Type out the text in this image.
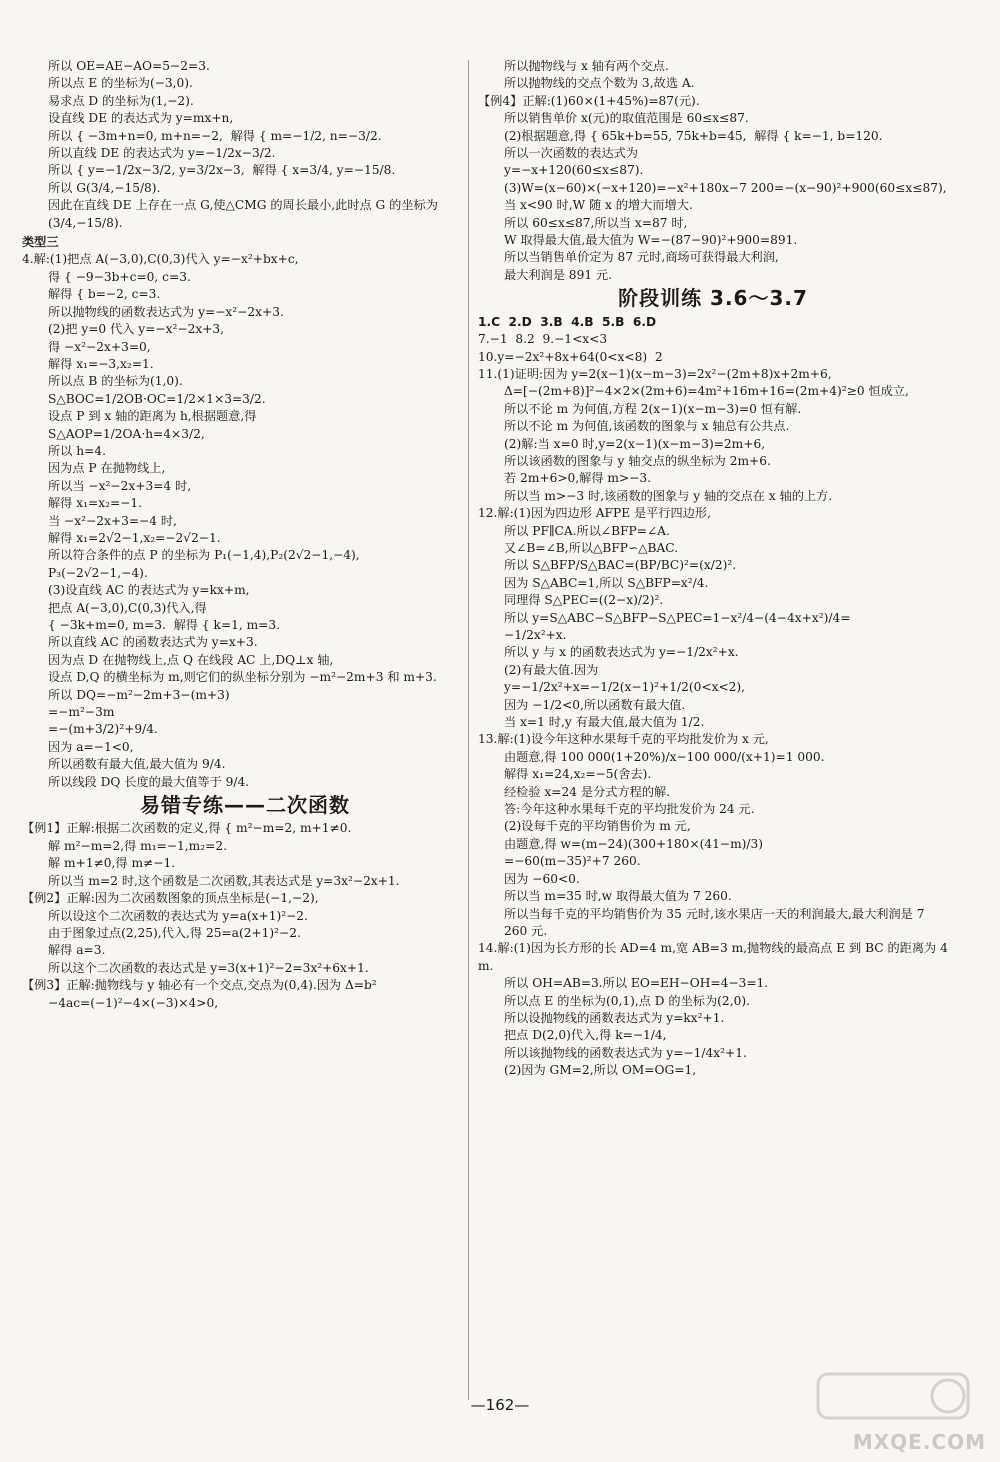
所以 OE=AE−AO=5−2=3.
所以点 E 的坐标为(−3,0).
易求点 D 的坐标为(1,−2).
设直线 DE 的表达式为 y=mx+n,
所以 { −3m+n=0, m+n=−2,  解得 { m=−1/2, n=−3/2.
所以直线 DE 的表达式为 y=−1/2x−3/2.
所以 { y=−1/2x−3/2, y=3/2x−3,  解得 { x=3/4, y=−15/8.
所以 G(3/4,−15/8).
因此在直线 DE 上存在一点 G,使△CMG 的周长最小,此时点 G 的坐标为(3/4,−15/8).
类型三
4.解:(1)把点 A(−3,0),C(0,3)代入 y=−x²+bx+c,
得 { −9−3b+c=0, c=3.
解得 { b=−2, c=3.
所以抛物线的函数表达式为 y=−x²−2x+3.
(2)把 y=0 代入 y=−x²−2x+3,
得 −x²−2x+3=0,
解得 x₁=−3,x₂=1.
所以点 B 的坐标为(1,0).
S△BOC=1/2OB·OC=1/2×1×3=3/2.
设点 P 到 x 轴的距离为 h,根据题意,得
S△AOP=1/2OA·h=4×3/2,
所以 h=4.
因为点 P 在抛物线上,
所以当 −x²−2x+3=4 时,
解得 x₁=x₂=−1.
当 −x²−2x+3=−4 时,
解得 x₁=2√2−1,x₂=−2√2−1.
所以符合条件的点 P 的坐标为 P₁(−1,4),P₂(2√2−1,−4),
P₃(−2√2−1,−4).
(3)设直线 AC 的表达式为 y=kx+m,
把点 A(−3,0),C(0,3)代入,得
{ −3k+m=0, m=3.  解得 { k=1, m=3.
所以直线 AC 的函数表达式为 y=x+3.
因为点 D 在抛物线上,点 Q 在线段 AC 上,DQ⊥x 轴,
设点 D,Q 的横坐标为 m,则它们的纵坐标分别为 −m²−2m+3 和 m+3.
所以 DQ=−m²−2m+3−(m+3)
=−m²−3m
=−(m+3/2)²+9/4.
因为 a=−1<0,
所以函数有最大值,最大值为 9/4.
所以线段 DQ 长度的最大值等于 9/4.
易错专练——二次函数
【例1】正解:根据二次函数的定义,得 { m²−m=2, m+1≠0.
解 m²−m=2,得 m₁=−1,m₂=2.
解 m+1≠0,得 m≠−1.
所以当 m=2 时,这个函数是二次函数,其表达式是 y=3x²−2x+1.
【例2】正解:因为二次函数图象的顶点坐标是(−1,−2),
所以设这个二次函数的表达式为 y=a(x+1)²−2.
由于图象过点(2,25),代入,得 25=a(2+1)²−2.
解得 a=3.
所以这个二次函数的表达式是 y=3(x+1)²−2=3x²+6x+1.
【例3】正解:抛物线与 y 轴必有一个交点,交点为(0,4).因为 Δ=b²
−4ac=(−1)²−4×(−3)×4>0,
所以抛物线与 x 轴有两个交点.
所以抛物线的交点个数为 3,故选 A.
【例4】正解:(1)60×(1+45%)=87(元).
所以销售单价 x(元)的取值范围是 60≤x≤87.
(2)根据题意,得 { 65k+b=55, 75k+b=45,  解得 { k=−1, b=120.
所以一次函数的表达式为
y=−x+120(60≤x≤87).
(3)W=(x−60)×(−x+120)=−x²+180x−7 200=−(x−90)²+900(60≤x≤87),
当 x<90 时,W 随 x 的增大而增大.
所以 60≤x≤87,所以当 x=87 时,
W 取得最大值,最大值为 W=−(87−90)²+900=891.
所以当销售单价定为 87 元时,商场可获得最大利润,
最大利润是 891 元.
阶段训练 3.6～3.7
1.C  2.D  3.B  4.B  5.B  6.D
7.−1  8.2  9.−1<x<3
10.y=−2x²+8x+64(0<x<8)  2
11.(1)证明:因为 y=2(x−1)(x−m−3)=2x²−(2m+8)x+2m+6,
Δ=[−(2m+8)]²−4×2×(2m+6)=4m²+16m+16=(2m+4)²≥0 恒成立,
所以不论 m 为何值,方程 2(x−1)(x−m−3)=0 恒有解.
所以不论 m 为何值,该函数的图象与 x 轴总有公共点.
(2)解:当 x=0 时,y=2(x−1)(x−m−3)=2m+6,
所以该函数的图象与 y 轴交点的纵坐标为 2m+6.
若 2m+6>0,解得 m>−3.
所以当 m>−3 时,该函数的图象与 y 轴的交点在 x 轴的上方.
12.解:(1)因为四边形 AFPE 是平行四边形,
所以 PF∥CA.所以∠BFP=∠A.
又∠B=∠B,所以△BFP∽△BAC.
所以 S△BFP/S△BAC=(BP/BC)²=(x/2)².
因为 S△ABC=1,所以 S△BFP=x²/4.
同理得 S△PEC=((2−x)/2)².
所以 y=S△ABC−S△BFP−S△PEC=1−x²/4−(4−4x+x²)/4=
−1/2x²+x.
所以 y 与 x 的函数表达式为 y=−1/2x²+x.
(2)有最大值.因为
y=−1/2x²+x=−1/2(x−1)²+1/2(0<x<2),
因为 −1/2<0,所以函数有最大值.
当 x=1 时,y 有最大值,最大值为 1/2.
13.解:(1)设今年这种水果每千克的平均批发价为 x 元,
由题意,得 100 000(1+20%)/x−100 000/(x+1)=1 000.
解得 x₁=24,x₂=−5(舍去).
经检验 x=24 是分式方程的解.
答:今年这种水果每千克的平均批发价为 24 元.
(2)设每千克的平均销售价为 m 元,
由题意,得 w=(m−24)(300+180×(41−m)/3)
=−60(m−35)²+7 260.
因为 −60<0.
所以当 m=35 时,w 取得最大值为 7 260.
所以当每千克的平均销售价为 35 元时,该水果店一天的利润最大,最大利润是 7 260 元.
14.解:(1)因为长方形的长 AD=4 m,宽 AB=3 m,抛物线的最高点 E 到 BC 的距离为 4 m.
所以 OH=AB=3.所以 EO=EH−OH=4−3=1.
所以点 E 的坐标为(0,1),点 D 的坐标为(2,0).
所以设抛物线的函数表达式为 y=kx²+1.
把点 D(2,0)代入,得 k=−1/4,
所以该抛物线的函数表达式为 y=−1/4x²+1.
(2)因为 GM=2,所以 OM=OG=1,
—162—
MXQE.COM
